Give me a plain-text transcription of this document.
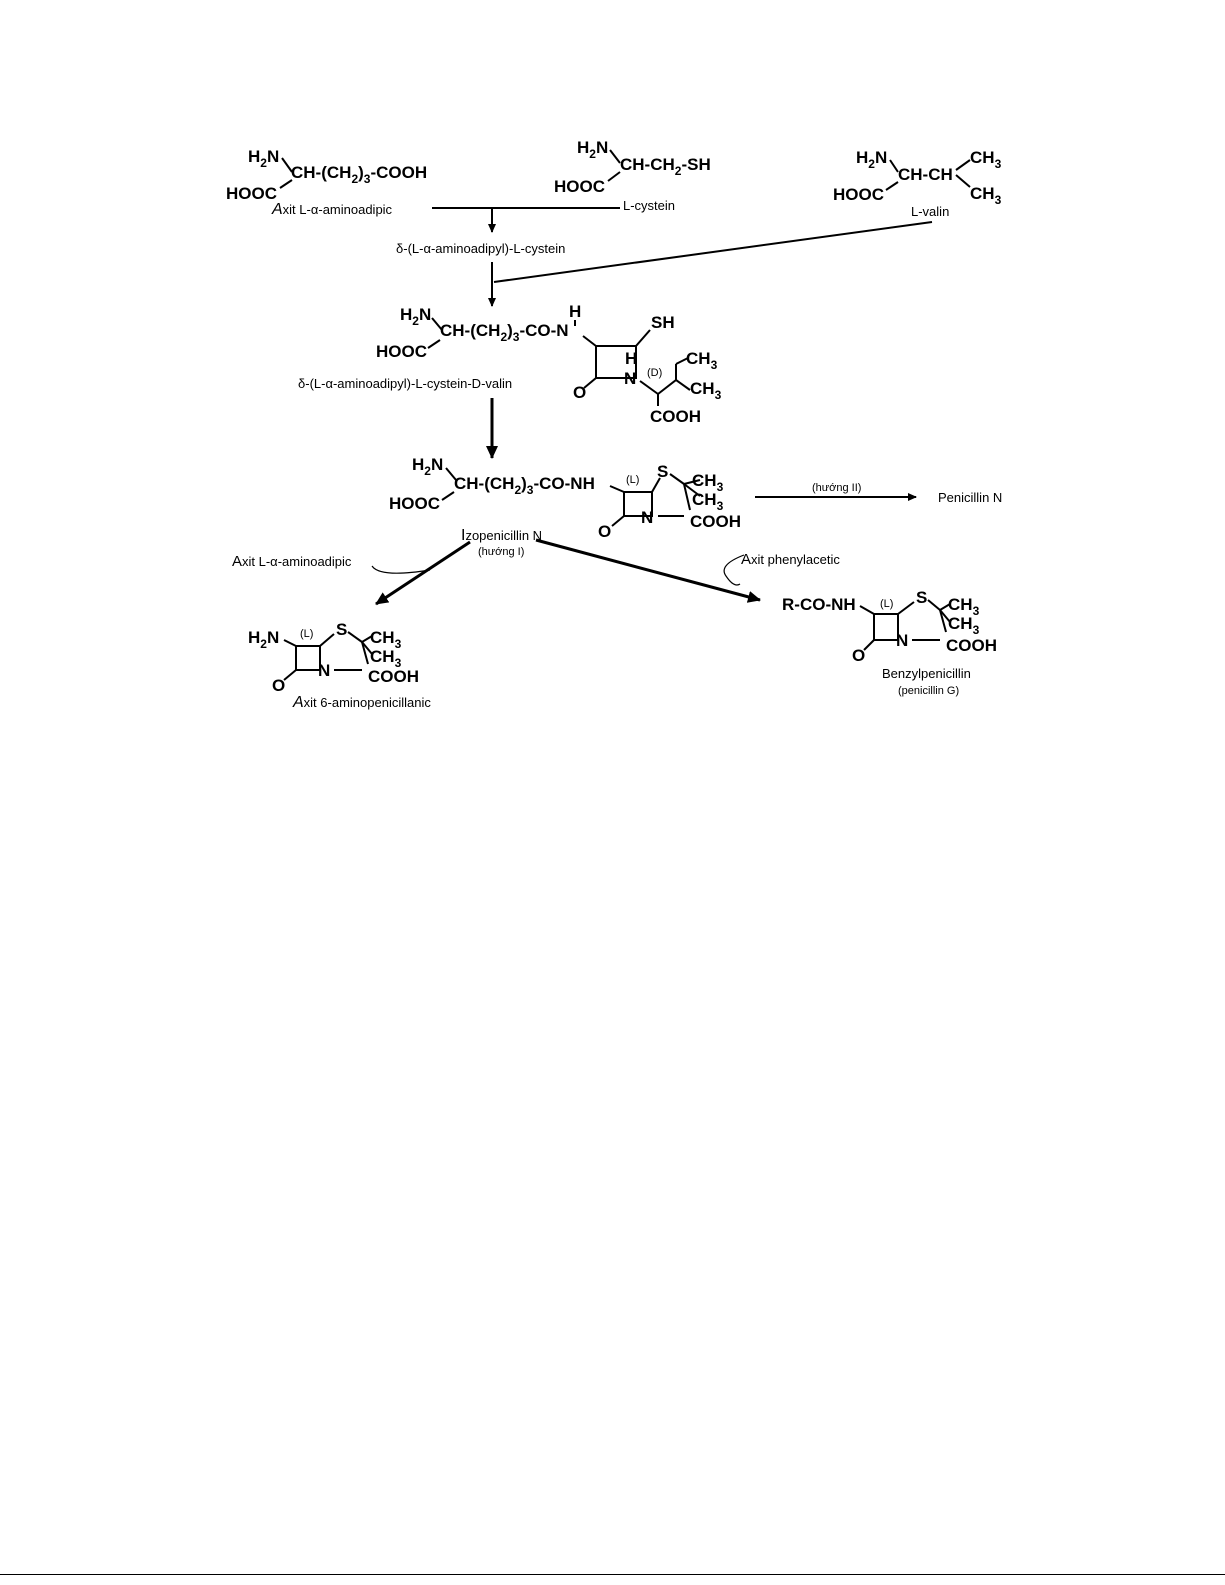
$H_2N$
$CH-(CH_2)_3$-COOH
HOOC
Axit L-α-aminoadipic
$H_2N$
$CH-CH_2-SH$
HOOC
L-cystein
$H_2N$
CH-CH
$CH_3$
$CH_3$
HOOC
L-valin
δ-(L-α-aminoadipyl)-L-cystein
$H_2N$
$CH-(CH_2)_3-CO-N$
H
HOOC
SH
H
N
O
(D)
$CH_3$
$CH_3$
COOH
δ-(L-α-aminoadipyl)-L-cystein-D-valin
$H_2N$
$CH-(CH_2)_3-CO-NH$
HOOC
(L) S $CH_3$
$CH_3$
N COOH
O
Izopenicillin N
(hướng I)
(hướng II)
Penicillin N
Axit L-α-aminoadipic	Axit phenylacetic
$H_2N$ (L) S $CH_3$
$CH_3$
N COOH
O
Axit 6-aminopenicillanic
R-CO-NH (L) S $CH_3$
$CH_3$
N COOH
O
Benzylpenicillin
(penicillin G)
